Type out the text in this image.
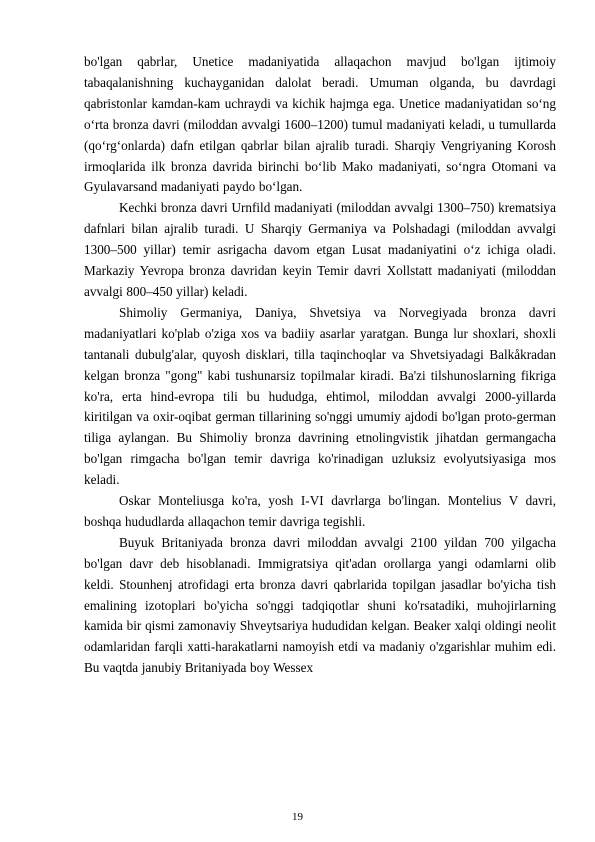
bo'lgan qabrlar, Unetice madaniyatida allaqachon mavjud bo'lgan ijtimoiy tabaqalanishning kuchayganidan dalolat beradi. Umuman olganda, bu davrdagi qabristonlar kamdan-kam uchraydi va kichik hajmga ega. Unetice madaniyatidan so‘ng o‘rta bronza davri (miloddan avvalgi 1600–1200) tumul madaniyati keladi, u tumullarda (qo‘rg‘onlarda) dafn etilgan qabrlar bilan ajralib turadi. Sharqiy Vengriyaning Korosh irmoqlarida ilk bronza davrida birinchi bo‘lib Mako madaniyati, so‘ngra Otomani va Gyulavarsand madaniyati paydo bo‘lgan.

Kechki bronza davri Urnfild madaniyati (miloddan avvalgi 1300–750) krematsiya dafnlari bilan ajralib turadi. U Sharqiy Germaniya va Polshadagi (miloddan avvalgi 1300–500 yillar) temir asrigacha davom etgan Lusat madaniyatini o‘z ichiga oladi. Markaziy Yevropa bronza davridan keyin Temir davri Xollstatt madaniyati (miloddan avvalgi 800–450 yillar) keladi.

Shimoliy Germaniya, Daniya, Shvetsiya va Norvegiyada bronza davri madaniyatlari ko'plab o'ziga xos va badiiy asarlar yaratgan. Bunga lur shoxlari, shoxli tantanali dubulg'alar, quyosh disklari, tilla taqinchoqlar va Shvetsiyadagi Balkåkradan kelgan bronza "gong" kabi tushunarsiz topilmalar kiradi. Ba'zi tilshunoslarning fikriga ko'ra, erta hind-evropa tili bu hududga, ehtimol, miloddan avvalgi 2000-yillarda kiritilgan va oxir-oqibat german tillarining so'nggi umumiy ajdodi bo'lgan proto-german tiliga aylangan. Bu Shimoliy bronza davrining etnolingvistik jihatdan germangacha bo'lgan rimgacha bo'lgan temir davriga ko'rinadigan uzluksiz evolyutsiyasiga mos keladi.

Oskar Monteliusga ko'ra, yosh I-VI davrlarga bo'lingan. Montelius V davri, boshqa hududlarda allaqachon temir davriga tegishli.

Buyuk Britaniyada bronza davri miloddan avvalgi 2100 yildan 700 yilgacha bo'lgan davr deb hisoblanadi. Immigratsiya qit'adan orollarga yangi odamlarni olib keldi. Stounhenj atrofidagi erta bronza davri qabrlarida topilgan jasadlar bo'yicha tish emalining izotoplari bo'yicha so'nggi tadqiqotlar shuni ko'rsatadiki, muhojirlarning kamida bir qismi zamonaviy Shveytsariya hududidan kelgan. Beaker xalqi oldingi neolit odamlaridan farqli xatti-harakatlarni namoyish etdi va madaniy o'zgarishlar muhim edi. Bu vaqtda janubiy Britaniyada boy Wessex

19
